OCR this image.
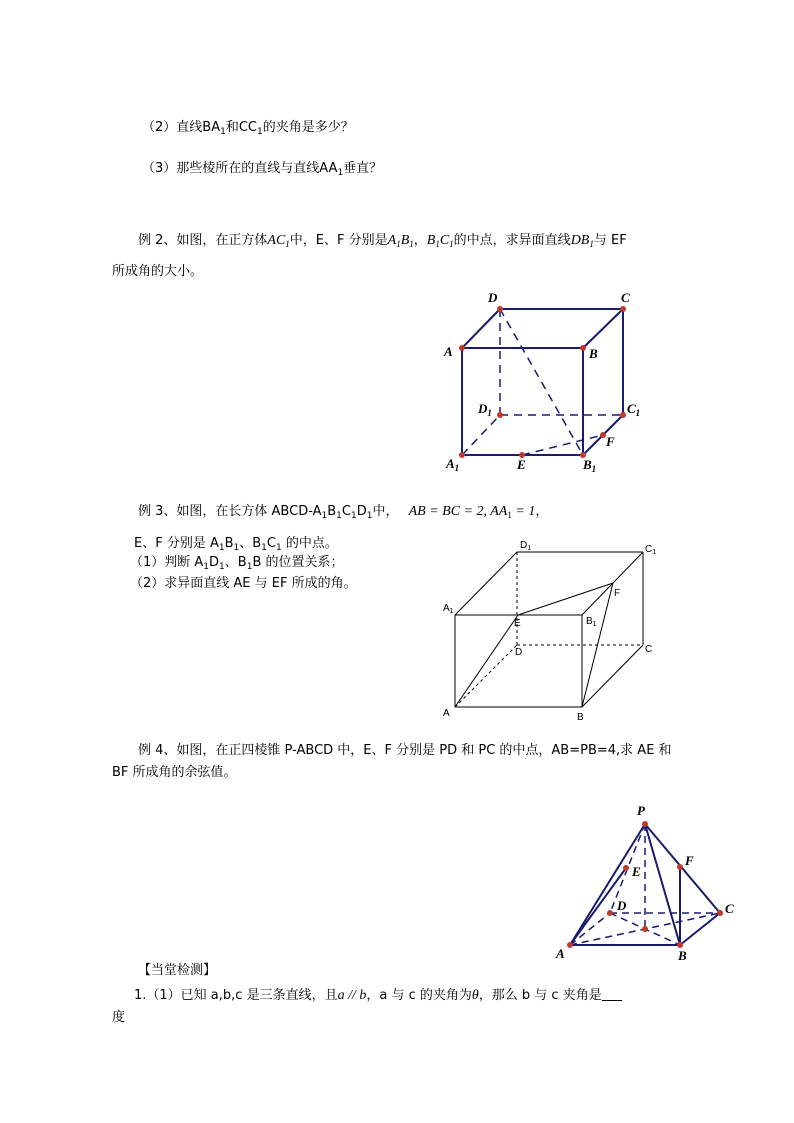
（2）直线$BA_1$和$CC_1$的夹角是多少？
（3）那些棱所在的直线与直线$AA_1$垂直？
例 2、如图，在正方体$AC_1$中，E、F 分别是$A_1B_1$，$B_1C_1$的中点，求异面直线$DB_1$与 EF
所成角的大小。
D	C
A	B
$D_1$	$C_1$
$A_1$	E	$B_1$
F
例 3、如图，在长方体 ABCD-$A_1B_1C_1D_1$中， AB = BC = 2, $AA_1 = 1$，
E、F 分别是 $A_1B_1$、$B_1C_1$ 的中点。
（1）判断 $A_1D_1$、$B_1B$ 的位置关系；
（2）求异面直线 AE 与 EF 所成的角。
$D_1$	$C_1$
$A_1$
E	$B_1$
F
D	C
A	B
例 4、如图，在正四棱锥 P-ABCD 中，E、F 分别是 PD 和 PC 的中点，AB=PB=4,求 AE 和
BF 所成角的余弦值。
P
F
E
D	C
A	B
【当堂检测】
1.（1）已知 a,b,c 是三条直线，且a // b，a 与 c 的夹角为θ，那么 b 与 c 夹角是
度
